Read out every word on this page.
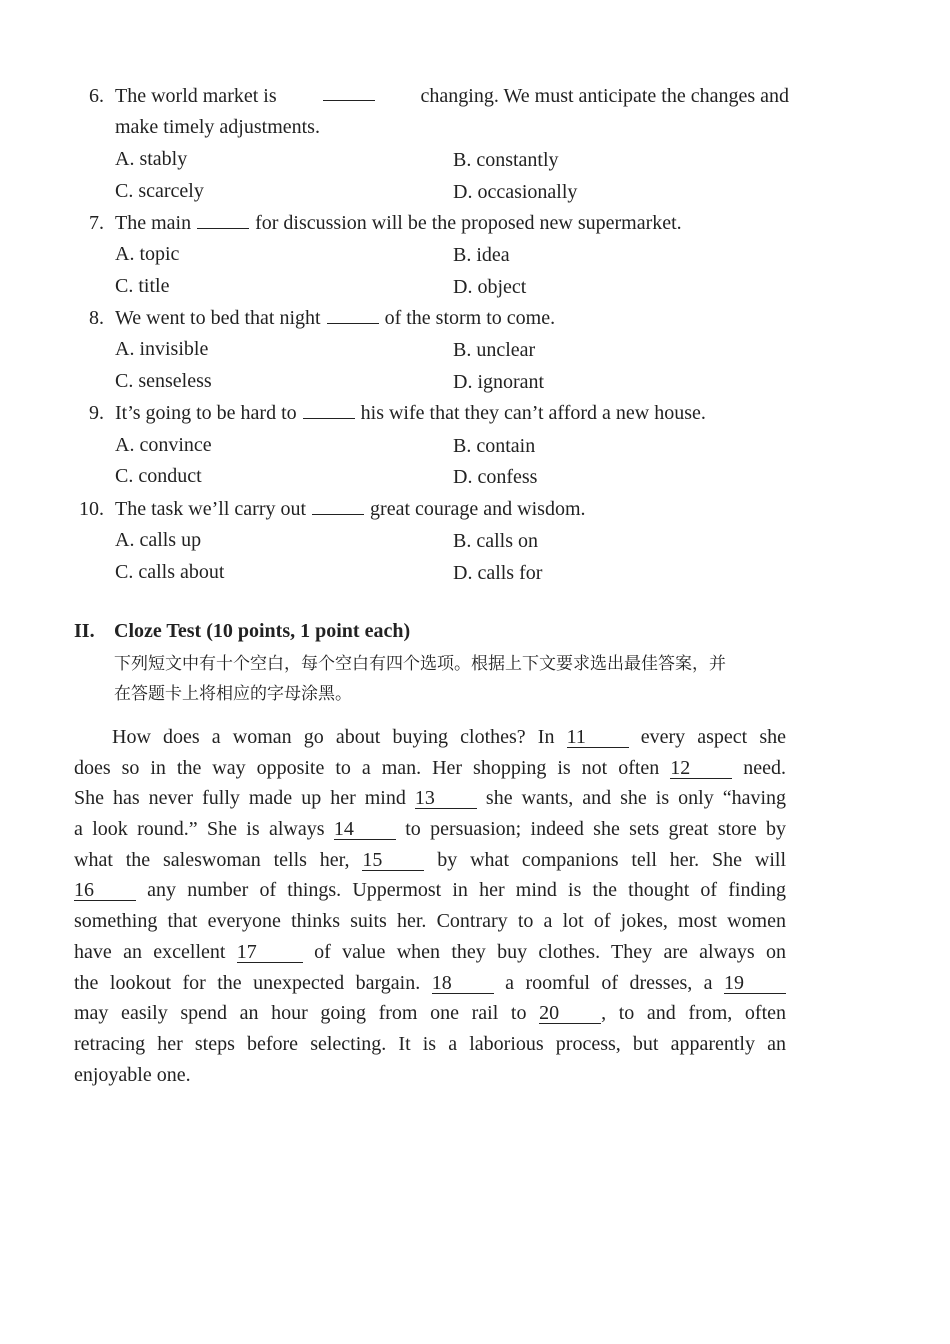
6. The world market is	changing. We must anticipate the changes and
make timely adjustments.
A. stably	B. constantly
C. scarcely	D. occasionally
7. The main	for discussion will be the proposed new supermarket.
A. topic	B. idea
C. title	D. object
8. We went to bed that night	of the storm to come.
A. invisible	B. unclear
C. senseless	D. ignorant
9. It’s going to be hard to	his wife that they can’t afford a new house.
A. convince	B. contain
C. conduct	D. confess
10. The task we’ll carry out	great courage and wisdom.
A. calls up	B. calls on
C. calls about	D. calls for
II. Cloze Test (10 points, 1 point each)
下列短文中有十个空白，每个空白有四个选项。根据上下文要求选出最佳答案，并
在答题卡上将相应的字母涂黑。
How does a woman go about buying clothes? In 11	every aspect she
does so in the way opposite to a man. Her shopping is not often 12	need.
She has never fully made up her mind 13	she wants, and she is only “having
a look round.” She is always 14	to persuasion; indeed she sets great store by
what the saleswoman tells her, 15	by what companions tell her. She will
16	any number of things. Uppermost in her mind is the thought of finding
something that everyone thinks suits her. Contrary to a lot of jokes, most women
have an excellent 17	of value when they buy clothes. They are always on
the lookout for the unexpected bargain. 18	a roomful of dresses, a 19
may easily spend an hour going from one rail to 20 , to and from, often
retracing her steps before selecting. It is a laborious process, but apparently an
enjoyable one.
